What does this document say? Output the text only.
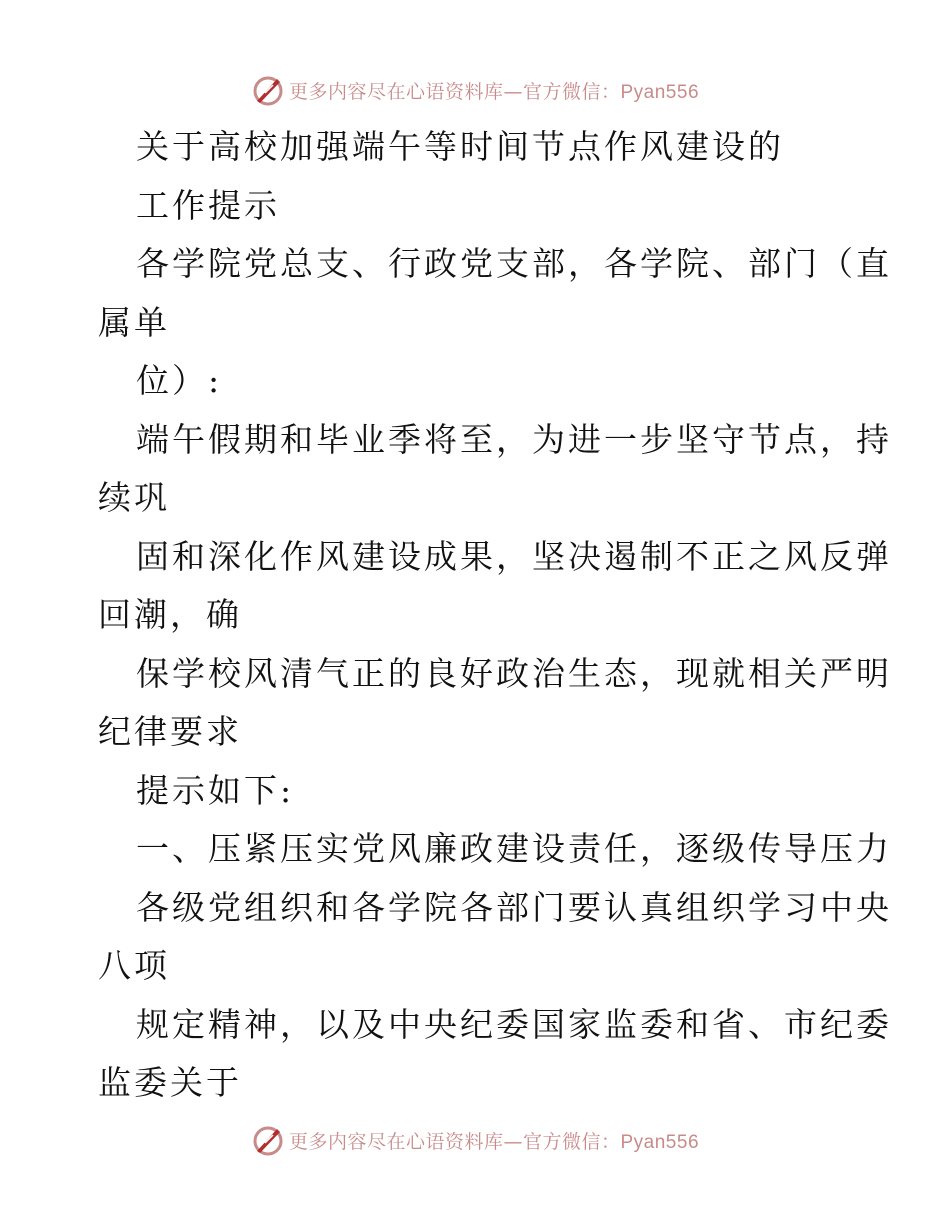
更多内容尽在心语资料库—官方微信：Pyan556
关于高校加强端午等时间节点作风建设的
工作提示
各学院党总支、行政党支部，各学院、部门（直
属单
位）:
端午假期和毕业季将至，为进一步坚守节点，持
续巩
固和深化作风建设成果，坚决遏制不正之风反弹
回潮，确
保学校风清气正的良好政治生态，现就相关严明
纪律要求
提示如下:
一、压紧压实党风廉政建设责任，逐级传导压力
各级党组织和各学院各部门要认真组织学习中央
八项
规定精神，以及中央纪委国家监委和省、市纪委
监委关于
更多内容尽在心语资料库—官方微信：Pyan556
